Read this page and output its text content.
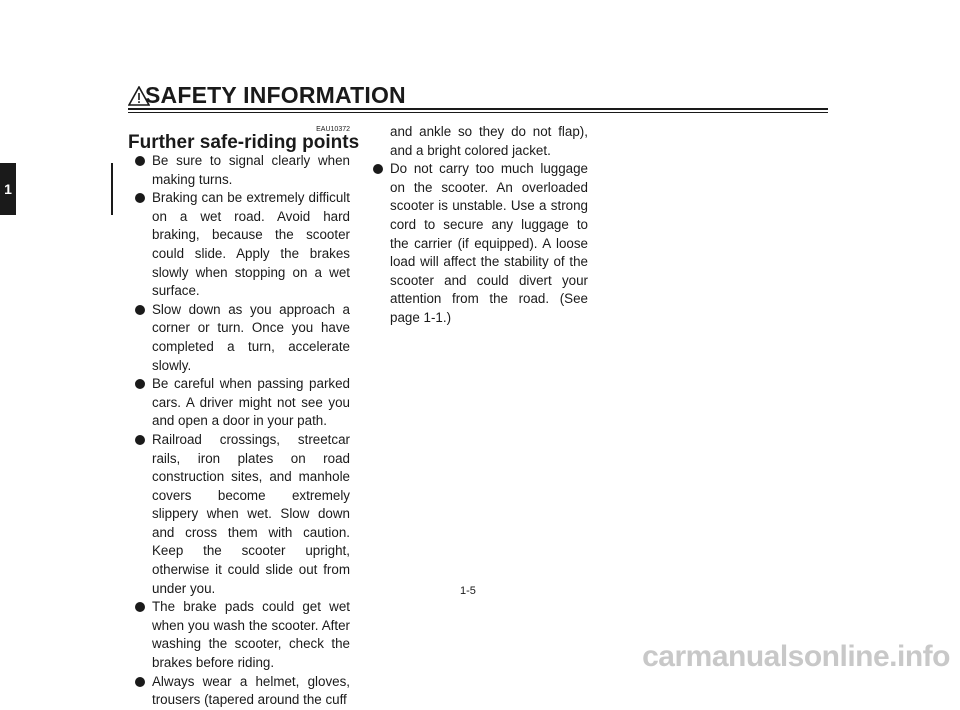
1
SAFETY INFORMATION
EAU10372
Further safe-riding points
Be sure to signal clearly when making turns.
Braking can be extremely difficult on a wet road. Avoid hard braking, because the scooter could slide. Apply the brakes slowly when stopping on a wet surface.
Slow down as you approach a corner or turn. Once you have completed a turn, accelerate slowly.
Be careful when passing parked cars. A driver might not see you and open a door in your path.
Railroad crossings, streetcar rails, iron plates on road construction sites, and manhole covers become extremely slippery when wet. Slow down and cross them with caution. Keep the scooter upright, otherwise it could slide out from under you.
The brake pads could get wet when you wash the scooter. After washing the scooter, check the brakes before riding.
Always wear a helmet, gloves, trousers (tapered around the cuff
and ankle so they do not flap), and a bright colored jacket.
Do not carry too much luggage on the scooter. An overloaded scooter is unstable. Use a strong cord to secure any luggage to the carrier (if equipped). A loose load will affect the stability of the scooter and could divert your attention from the road. (See page 1-1.)
1-5
carmanualsonline.info
